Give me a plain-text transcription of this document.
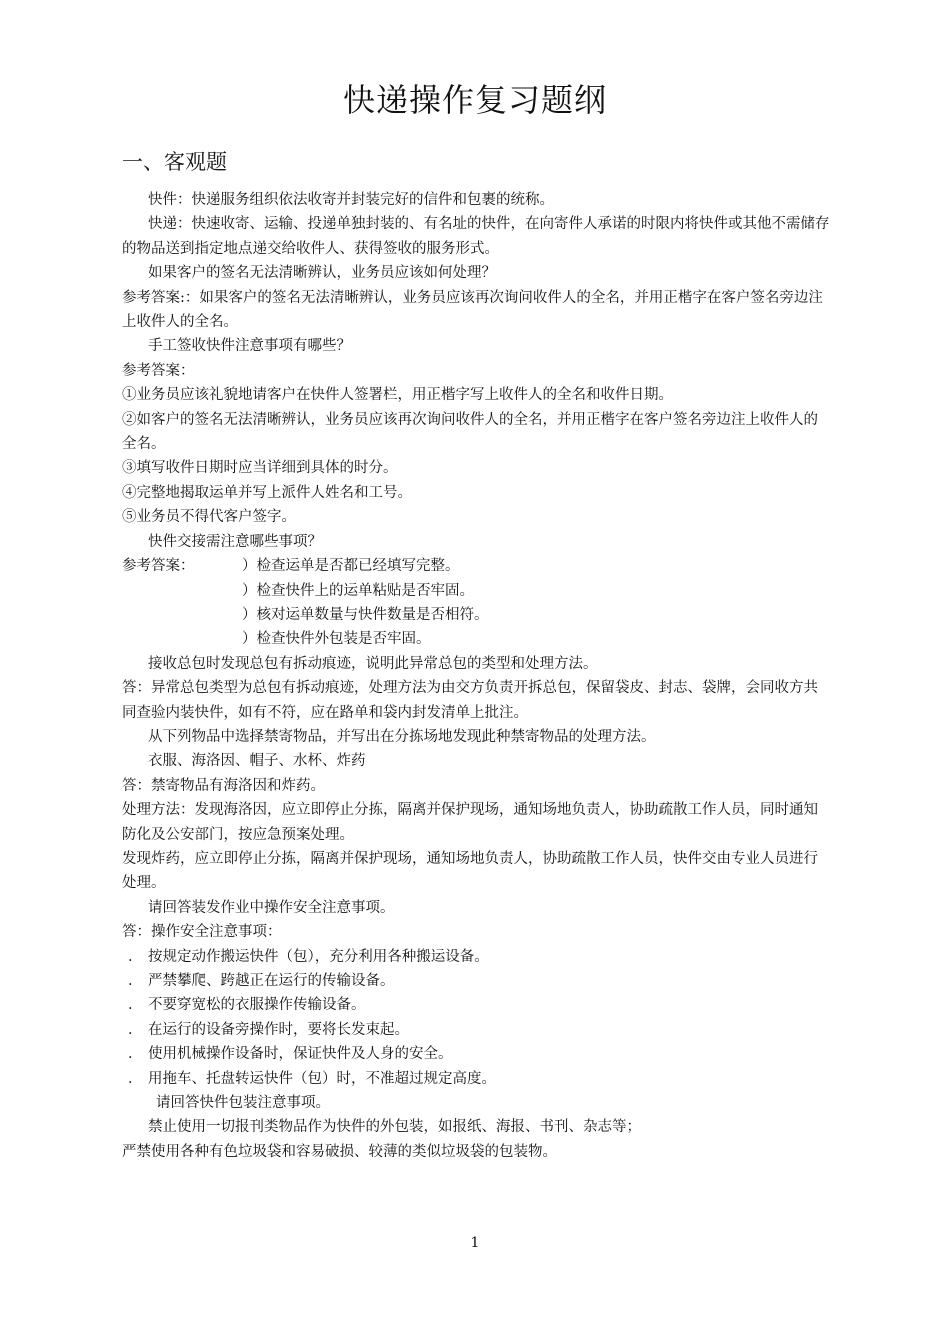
快递操作复习题纲
一、客观题

快件：快递服务组织依法收寄并封装完好的信件和包裹的统称。

快递：快速收寄、运输、投递单独封装的、有名址的快件，在向寄件人承诺的时限内将快件或其他不需储存的物品送到指定地点递交给收件人、获得签收的服务形式。

如果客户的签名无法清晰辨认，业务员应该如何处理？

参考答案:：如果客户的签名无法清晰辨认，业务员应该再次询问收件人的全名，并用正楷字在客户签名旁边注上收件人的全名。

手工签收快件注意事项有哪些？

参考答案：

①业务员应该礼貌地请客户在快件人签署栏，用正楷字写上收件人的全名和收件日期。

②如客户的签名无法清晰辨认，业务员应该再次询问收件人的全名，并用正楷字在客户签名旁边注上收件人的全名。

③填写收件日期时应当详细到具体的时分。

④完整地揭取运单并写上派件人姓名和工号。

⑤业务员不得代客户签字。

快件交接需注意哪些事项？

参考答案：	）检查运单是否都已经填写完整。

）检查快件上的运单粘贴是否牢固。

）核对运单数量与快件数量是否相符。

）检查快件外包装是否牢固。

接收总包时发现总包有拆动痕迹，说明此异常总包的类型和处理方法。

答：异常总包类型为总包有拆动痕迹，处理方法为由交方负责开拆总包，保留袋皮、封志、袋牌，会同收方共同查验内装快件，如有不符，应在路单和袋内封发清单上批注。

从下列物品中选择禁寄物品，并写出在分拣场地发现此种禁寄物品的处理方法。

衣服、海洛因、帽子、水杯、炸药

答：禁寄物品有海洛因和炸药。

处理方法：发现海洛因，应立即停止分拣，隔离并保护现场，通知场地负责人，协助疏散工作人员，同时通知防化及公安部门，按应急预案处理。

发现炸药，应立即停止分拣，隔离并保护现场，通知场地负责人，协助疏散工作人员，快件交由专业人员进行处理。

请回答装发作业中操作安全注意事项。

答：操作安全注意事项：

． 按规定动作搬运快件（包），充分利用各种搬运设备。
． 严禁攀爬、跨越正在运行的传输设备。
． 不要穿宽松的衣服操作传输设备。
． 在运行的设备旁操作时，要将长发束起。
． 使用机械操作设备时，保证快件及人身的安全。
． 用拖车、托盘转运快件（包）时，不准超过规定高度。

请回答快件包装注意事项。

禁止使用一切报刊类物品作为快件的外包装，如报纸、海报、书刊、杂志等；严禁使用各种有色垃圾袋和容易破损、较薄的类似垃圾袋的包装物。

1
